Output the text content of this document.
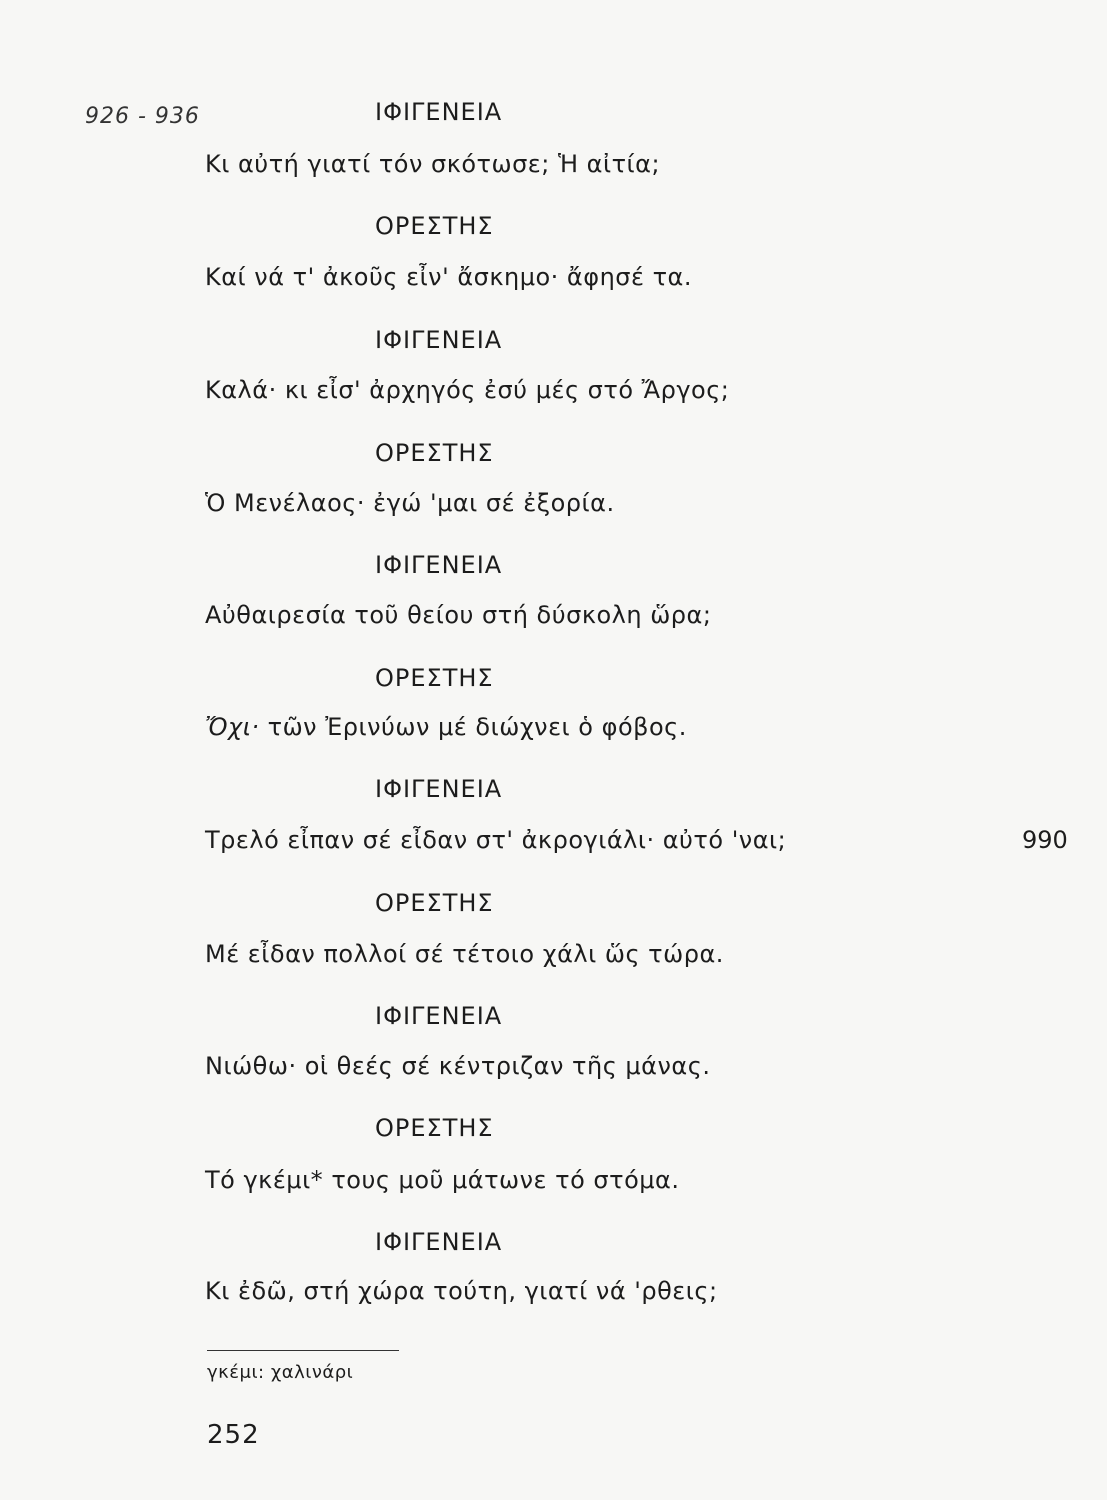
926 - 936	ΙΦΙΓΕΝΕΙΑ
Κι αὐτή γιατί τόν σκότωσε; Ἡ αἰτία;
ΟΡΕΣΤΗΣ
Καί νά τ' ἀκοῦς εἶν' ἄσκημο· ἄφησέ τα.
ΙΦΙΓΕΝΕΙΑ
Καλά· κι εἶσ' ἀρχηγός ἐσύ μές στό Ἄργος;
ΟΡΕΣΤΗΣ
Ὁ Μενέλαος· ἐγώ 'μαι σέ ἐξορία.
ΙΦΙΓΕΝΕΙΑ
Αὐθαιρεσία τοῦ θείου στή δύσκολη ὥρα;
ΟΡΕΣΤΗΣ
Ὄχι· τῶν Ἐρινύων μέ διώχνει ὁ φόβος.
ΙΦΙΓΕΝΕΙΑ
Τρελό εἶπαν σέ εἶδαν στ' ἀκρογιάλι· αὐτό 'ναι;	990
ΟΡΕΣΤΗΣ
Μέ εἶδαν πολλοί σέ τέτοιο χάλι ὥς τώρα.
ΙΦΙΓΕΝΕΙΑ
Νιώθω· οἱ θεές σέ κέντριζαν τῆς μάνας.
ΟΡΕΣΤΗΣ
Τό γκέμι* τους μοῦ μάτωνε τό στόμα.
ΙΦΙΓΕΝΕΙΑ
Κι ἐδῶ, στή χώρα τούτη, γιατί νά 'ρθεις;
γκέμι: χαλινάρι
252
